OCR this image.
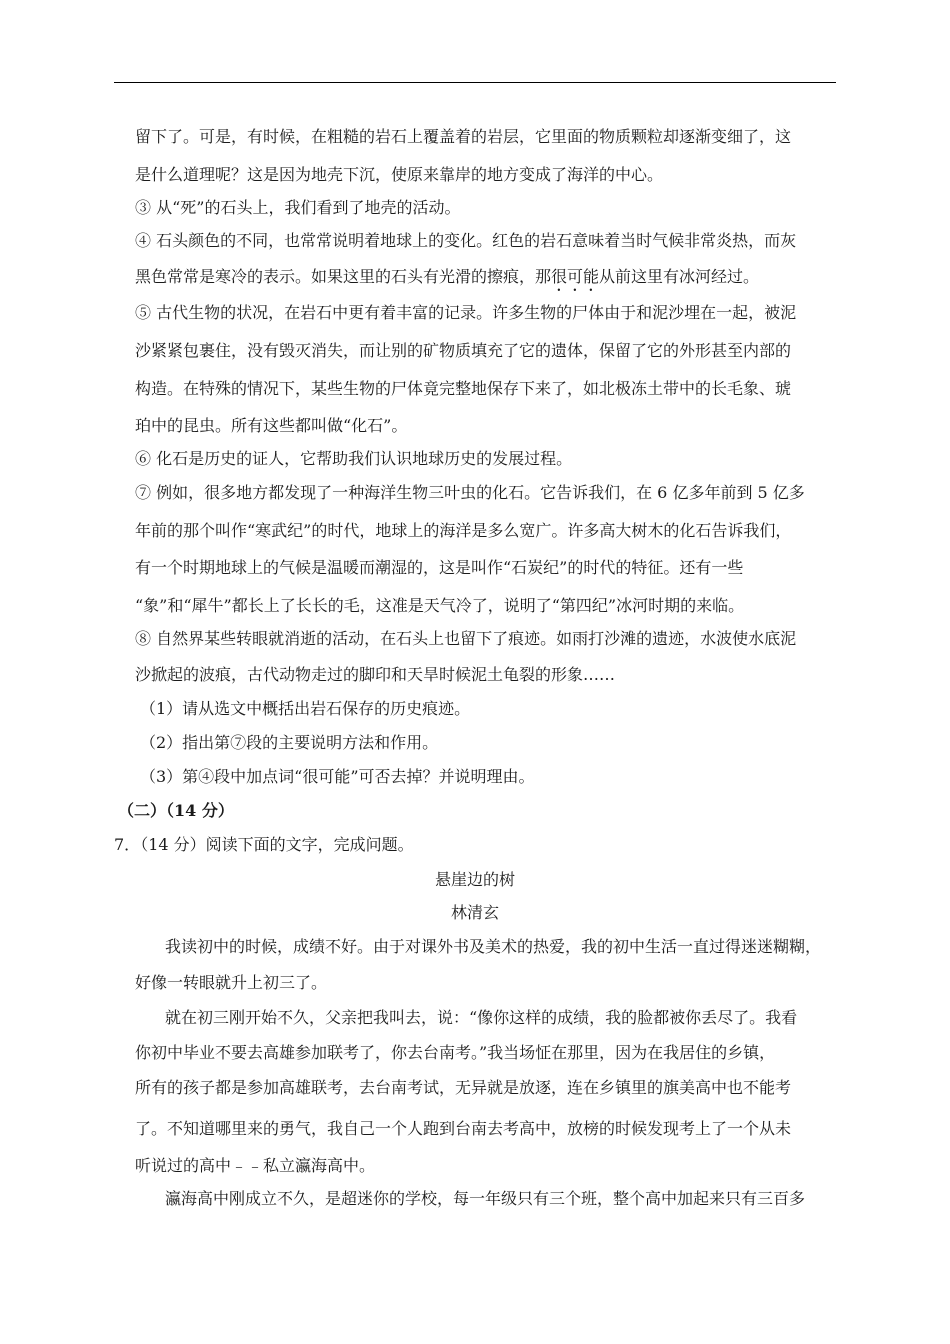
留下了。可是，有时候，在粗糙的岩石上覆盖着的岩层，它里面的物质颗粒却逐渐变细了，这
是什么道理呢？这是因为地壳下沉，使原来靠岸的地方变成了海洋的中心。
③ 从“死”的石头上，我们看到了地壳的活动。
④ 石头颜色的不同，也常常说明着地球上的变化。红色的岩石意味着当时气候非常炎热，而灰
黑色常常是寒冷的表示。如果这里的石头有光滑的擦痕，那很可能从前这里有冰河经过。
⑤ 古代生物的状况，在岩石中更有着丰富的记录。许多生物的尸体由于和泥沙埋在一起，被泥
沙紧紧包裹住，没有毁灭消失，而让别的矿物质填充了它的遗体，保留了它的外形甚至内部的
构造。在特殊的情况下，某些生物的尸体竟完整地保存下来了，如北极冻土带中的长毛象、琥
珀中的昆虫。所有这些都叫做“化石”。
⑥ 化石是历史的证人，它帮助我们认识地球历史的发展过程。
⑦ 例如，很多地方都发现了一种海洋生物三叶虫的化石。它告诉我们，在 6 亿多年前到 5 亿多
年前的那个叫作“寒武纪”的时代，地球上的海洋是多么宽广。许多高大树木的化石告诉我们，
有一个时期地球上的气候是温暖而潮湿的，这是叫作“石炭纪”的时代的特征。还有一些
“象”和“犀牛”都长上了长长的毛，这准是天气冷了，说明了“第四纪”冰河时期的来临。
⑧ 自然界某些转眼就消逝的活动，在石头上也留下了痕迹。如雨打沙滩的遗迹，水波使水底泥
沙掀起的波痕，古代动物走过的脚印和天旱时候泥土龟裂的形象……
（1）请从选文中概括出岩石保存的历史痕迹。
（2）指出第⑦段的主要说明方法和作用。
（3）第④段中加点词“很可能”可否去掉？并说明理由。
（二）（14 分）
7．（14 分）阅读下面的文字，完成问题。
悬崖边的树
林清玄
我读初中的时候，成绩不好。由于对课外书及美术的热爱，我的初中生活一直过得迷迷糊糊，
好像一转眼就升上初三了。
就在初三刚开始不久，父亲把我叫去，说：“像你这样的成绩，我的脸都被你丢尽了。我看
你初中毕业不要去高雄参加联考了，你去台南考。”我当场怔在那里，因为在我居住的乡镇，
所有的孩子都是参加高雄联考，去台南考试，无异就是放逐，连在乡镇里的旗美高中也不能考
了。不知道哪里来的勇气，我自己一个人跑到台南去考高中，放榜的时候发现考上了一个从未
听说过的高中﹣﹣私立瀛海高中。
瀛海高中刚成立不久，是超迷你的学校，每一年级只有三个班，整个高中加起来只有三百多
